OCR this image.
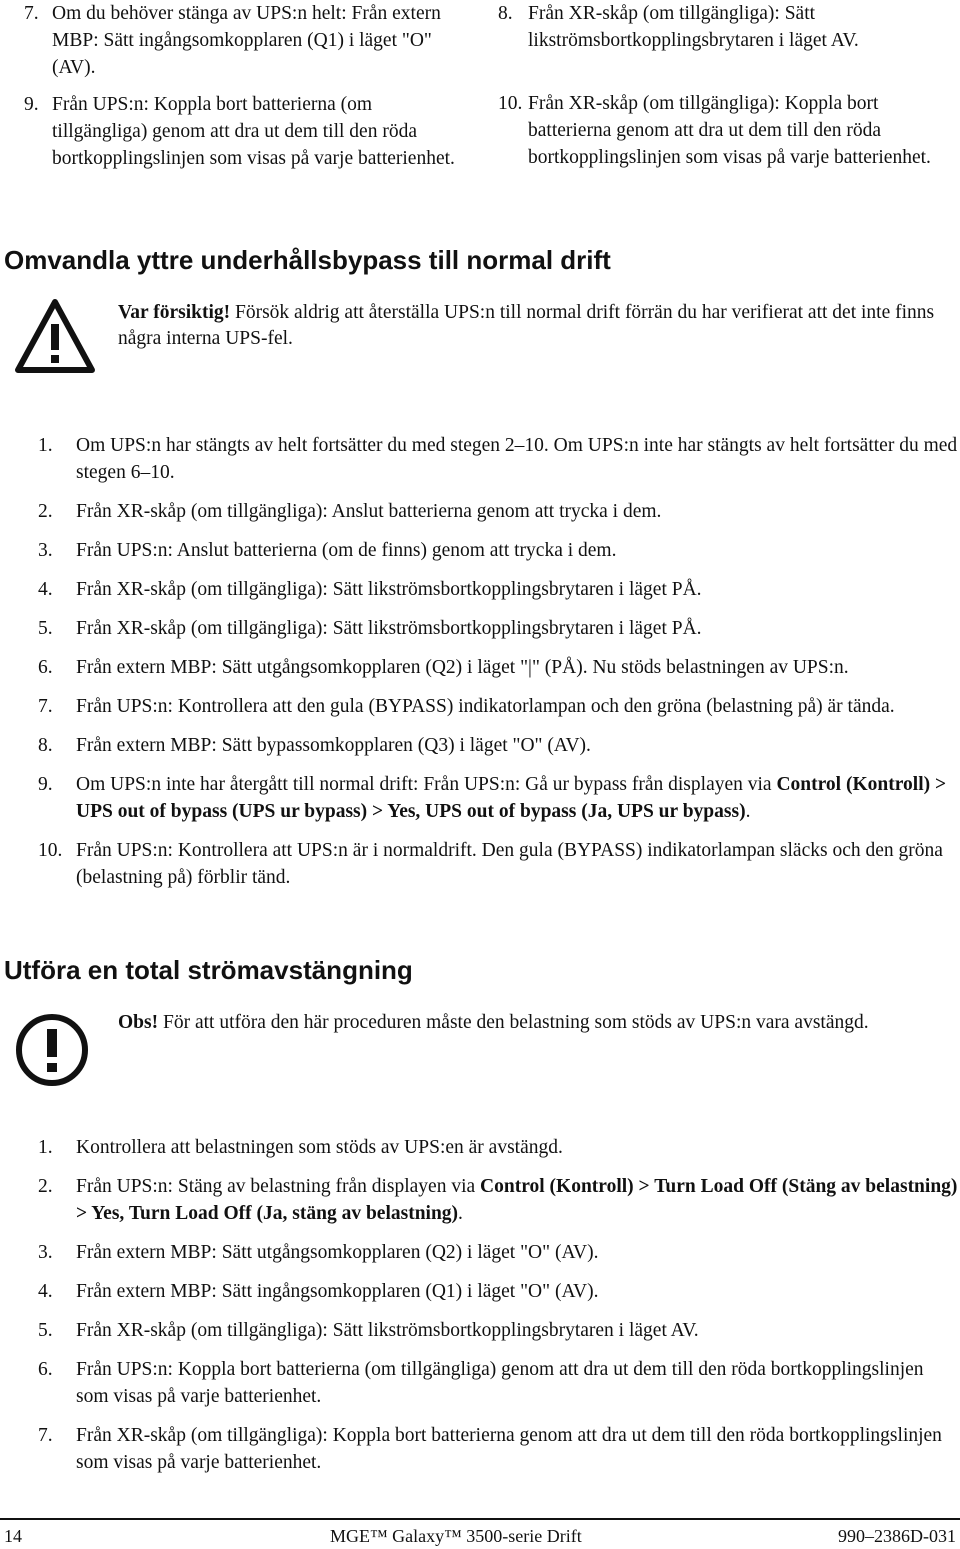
7. Om du behöver stänga av UPS:n helt: Från extern MBP: Sätt ingångsomkopplaren (Q1) i läget "O" (AV).
9. Från UPS:n: Koppla bort batterierna (om tillgängliga) genom att dra ut dem till den röda bortkopplingslinjen som visas på varje batterienhet.
8. Från XR-skåp (om tillgängliga): Sätt likströmsbortkopplingsbrytaren i läget AV.
10. Från XR-skåp (om tillgängliga): Koppla bort batterierna genom att dra ut dem till den röda bortkopplingslinjen som visas på varje batterienhet.
Omvandla yttre underhållsbypass till normal drift
Var försiktig! Försök aldrig att återställa UPS:n till normal drift förrän du har verifierat att det inte finns några interna UPS-fel.
1. Om UPS:n har stängts av helt fortsätter du med stegen 2–10. Om UPS:n inte har stängts av helt fortsätter du med stegen 6–10.
2. Från XR-skåp (om tillgängliga): Anslut batterierna genom att trycka i dem.
3. Från UPS:n: Anslut batterierna (om de finns) genom att trycka i dem.
4. Från XR-skåp (om tillgängliga): Sätt likströmsbortkopplingsbrytaren i läget PÅ.
5. Från XR-skåp (om tillgängliga): Sätt likströmsbortkopplingsbrytaren i läget PÅ.
6. Från extern MBP: Sätt utgångsomkopplaren (Q2) i läget "|" (PÅ). Nu stöds belastningen av UPS:n.
7. Från UPS:n: Kontrollera att den gula (BYPASS) indikatorlampan och den gröna (belastning på) är tända.
8. Från extern MBP: Sätt bypassomkopplaren (Q3) i läget "O" (AV).
9. Om UPS:n inte har återgått till normal drift: Från UPS:n: Gå ur bypass från displayen via Control (Kontroll) > UPS out of bypass (UPS ur bypass) > Yes, UPS out of bypass (Ja, UPS ur bypass).
10. Från UPS:n: Kontrollera att UPS:n är i normaldrift. Den gula (BYPASS) indikatorlampan släcks och den gröna (belastning på) förblir tänd.
Utföra en total strömavstängning
Obs! För att utföra den här proceduren måste den belastning som stöds av UPS:n vara avstängd.
1. Kontrollera att belastningen som stöds av UPS:en är avstängd.
2. Från UPS:n: Stäng av belastning från displayen via Control (Kontroll) > Turn Load Off (Stäng av belastning) > Yes, Turn Load Off (Ja, stäng av belastning).
3. Från extern MBP: Sätt utgångsomkopplaren (Q2) i läget "O" (AV).
4. Från extern MBP: Sätt ingångsomkopplaren (Q1) i läget "O" (AV).
5. Från XR-skåp (om tillgängliga): Sätt likströmsbortkopplingsbrytaren i läget AV.
6. Från UPS:n: Koppla bort batterierna (om tillgängliga) genom att dra ut dem till den röda bortkopplingslinjen som visas på varje batterienhet.
7. Från XR-skåp (om tillgängliga): Koppla bort batterierna genom att dra ut dem till den röda bortkopplingslinjen som visas på varje batterienhet.
14	MGE™ Galaxy™ 3500-serie Drift	990–2386D-031
